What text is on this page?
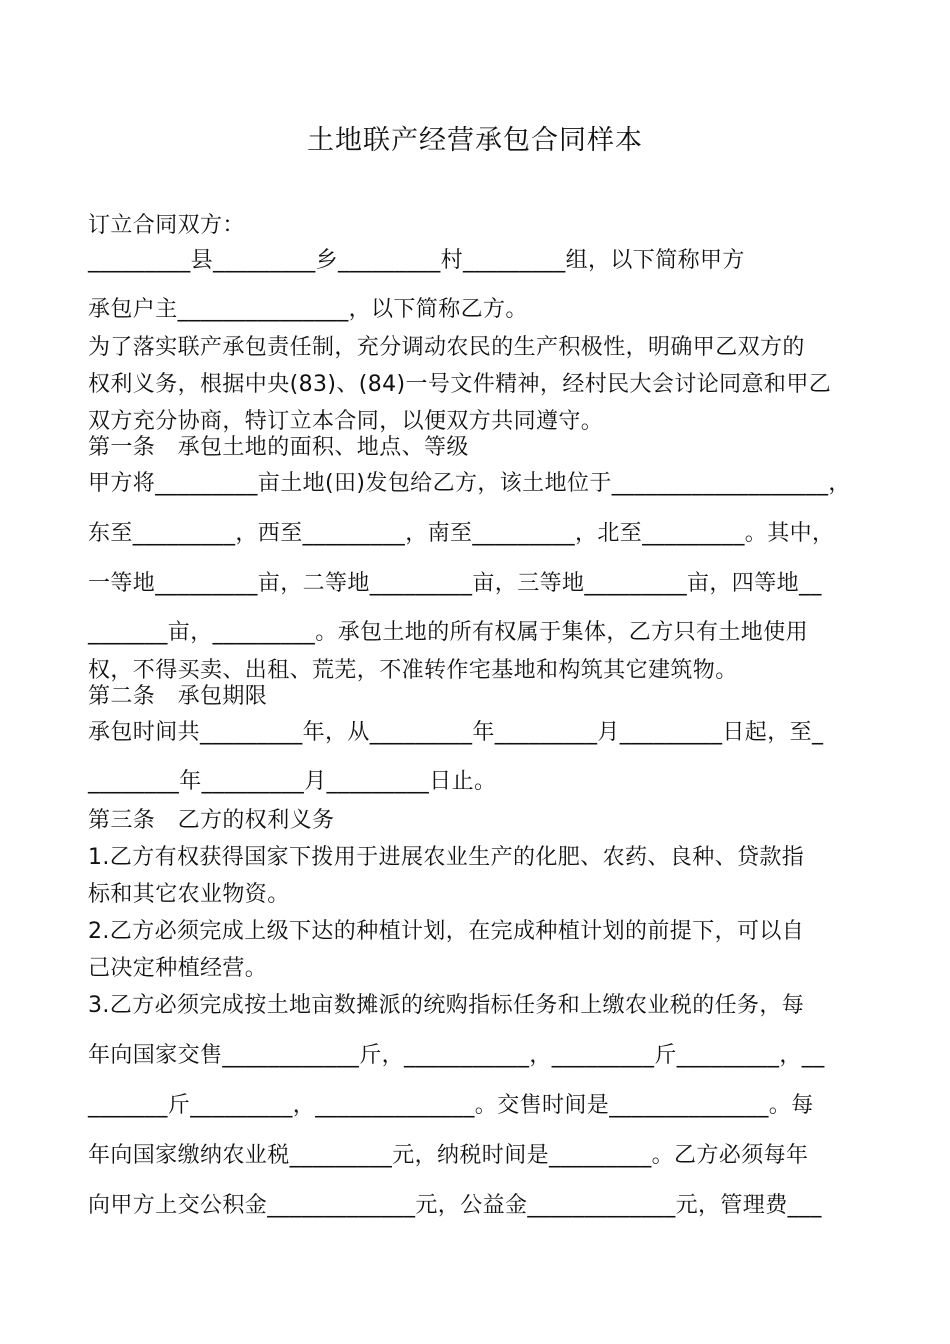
土地联产经营承包合同样本
订立合同双方：
_________县_________乡_________村_________组，以下简称甲方
承包户主_______________，以下简称乙方。
为了落实联产承包责任制，充分调动农民的生产积极性，明确甲乙双方的
权利义务，根据中央(83)、(84)一号文件精神，经村民大会讨论同意和甲乙
双方充分协商，特订立本合同，以便双方共同遵守。
第一条　承包土地的面积、地点、等级
甲方将_________亩土地(田)发包给乙方，该土地位于___________________，
东至_________，西至_________，南至_________，北至_________。其中，
一等地_________亩，二等地_________亩，三等地_________亩，四等地__
_______亩，_________。承包土地的所有权属于集体，乙方只有土地使用
权，不得买卖、出租、荒芜，不准转作宅基地和构筑其它建筑物。
第二条　承包期限
承包时间共_________年，从_________年_________月_________日起，至_
________年_________月_________日止。
第三条　乙方的权利义务
1.乙方有权获得国家下拨用于进展农业生产的化肥、农药、良种、贷款指
标和其它农业物资。
2.乙方必须完成上级下达的种植计划，在完成种植计划的前提下，可以自
己决定种植经营。
3.乙方必须完成按土地亩数摊派的统购指标任务和上缴农业税的任务，每
年向国家交售____________斤，___________，_________斤_________，__
_______斤_________，______________。交售时间是______________。每
年向国家缴纳农业税_________元，纳税时间是_________。乙方必须每年
向甲方上交公积金_____________元，公益金_____________元，管理费___
